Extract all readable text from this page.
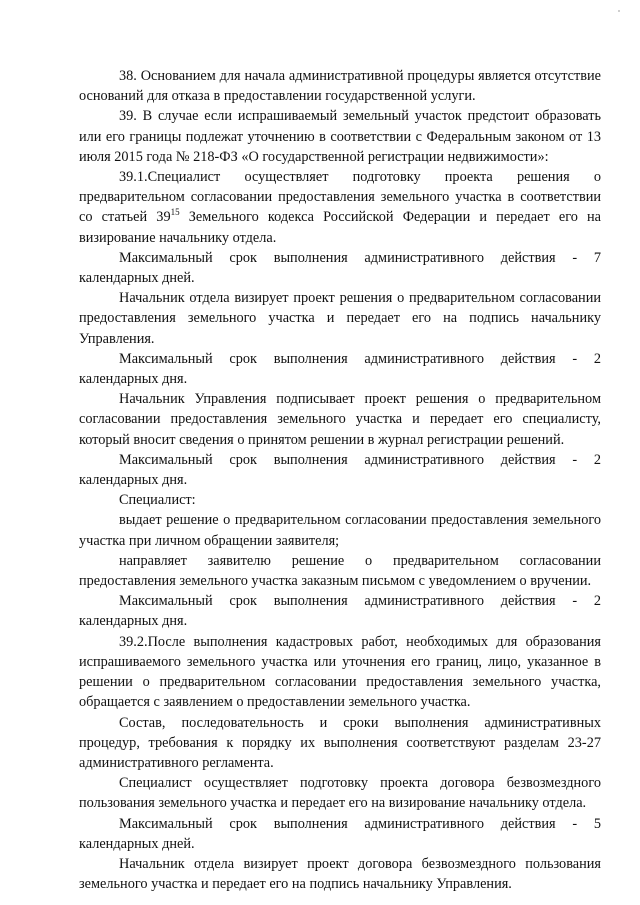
38. Основанием для начала административной процедуры является отсутствие оснований для отказа в предоставлении государственной услуги.

39. В случае если испрашиваемый земельный участок предстоит образовать или его границы подлежат уточнению в соответствии с Федеральным законом от 13 июля 2015 года № 218-ФЗ «О государственной регистрации недвижимости»:

39.1.Специалист осуществляет подготовку проекта решения о предварительном согласовании предоставления земельного участка в соответствии со статьей $39^{15}$ Земельного кодекса Российской Федерации и передает его на визирование начальнику отдела.

Максимальный срок выполнения административного действия - 7 календарных дней.

Начальник отдела визирует проект решения о предварительном согласовании предоставления земельного участка и передает его на подпись начальнику Управления.

Максимальный срок выполнения административного действия - 2 календарных дня.

Начальник Управления подписывает проект решения о предварительном согласовании предоставления земельного участка и передает его специалисту, который вносит сведения о принятом решении в журнал регистрации решений.

Максимальный срок выполнения административного действия - 2 календарных дня.

Специалист:

выдает решение о предварительном согласовании предоставления земельного участка при личном обращении заявителя;

направляет заявителю решение о предварительном согласовании предоставления земельного участка заказным письмом с уведомлением о вручении.

Максимальный срок выполнения административного действия - 2 календарных дня.

39.2.После выполнения кадастровых работ, необходимых для образования испрашиваемого земельного участка или уточнения его границ, лицо, указанное в решении о предварительном согласовании предоставления земельного участка, обращается с заявлением о предоставлении земельного участка.

Состав, последовательность и сроки выполнения административных процедур, требования к порядку их выполнения соответствуют разделам 23-27 административного регламента.

Специалист осуществляет подготовку проекта договора безвозмездного пользования земельного участка и передает его на визирование начальнику отдела.

Максимальный срок выполнения административного действия - 5 календарных дней.

Начальник отдела визирует проект договора безвозмездного пользования земельного участка и передает его на подпись начальнику Управления.
